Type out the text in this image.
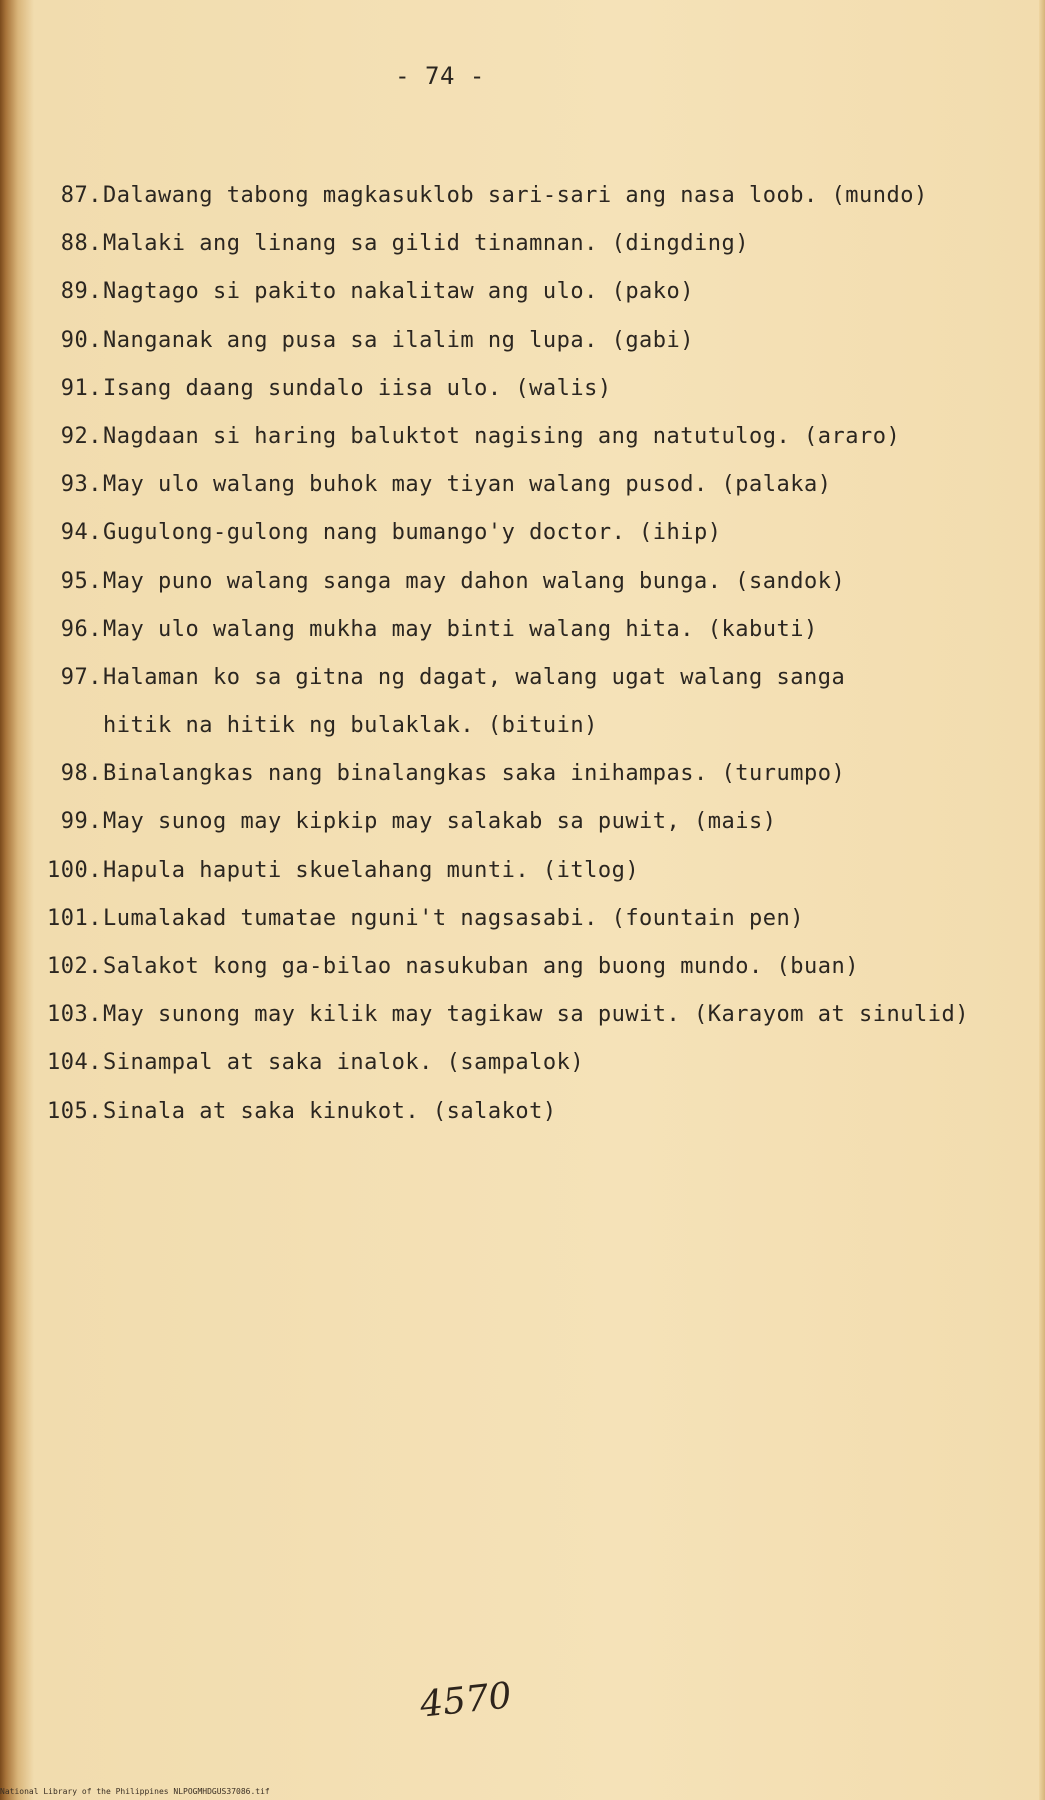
- 74 -
87. Dalawang tabong magkasuklob sari-sari ang nasa loob. (mundo)
88. Malaki ang linang sa gilid tinamnan. (dingding)
89. Nagtago si pakito nakalitaw ang ulo. (pako)
90. Nanganak ang pusa sa ilalim ng lupa. (gabi)
91. Isang daang sundalo iisa ulo. (walis)
92. Nagdaan si haring baluktot nagising ang natutulog. (araro)
93. May ulo walang buhok may tiyan walang pusod. (palaka)
94. Gugulong-gulong nang bumango'y doctor. (ihip)
95. May puno walang sanga may dahon walang bunga. (sandok)
96. May ulo walang mukha may binti walang hita. (kabuti)
97. Halaman ko sa gitna ng dagat, walang ugat walang sanga
hitik na hitik ng bulaklak. (bituin)
98. Binalangkas nang binalangkas saka inihampas. (turumpo)
99. May sunog may kipkip may salakab sa puwit, (mais)
100. Hapula haputi skuelahang munti. (itlog)
101. Lumalakad tumatae nguni't nagsasabi. (fountain pen)
102. Salakot kong ga-bilao nasukuban ang buong mundo. (buan)
103. May sunong may kilik may tagikaw sa puwit. (Karayom at sinulid)
104. Sinampal at saka inalok. (sampalok)
105. Sinala at saka kinukot. (salakot)
4570
National Library of the Philippines NLPOGMHDGUS37086.tif
